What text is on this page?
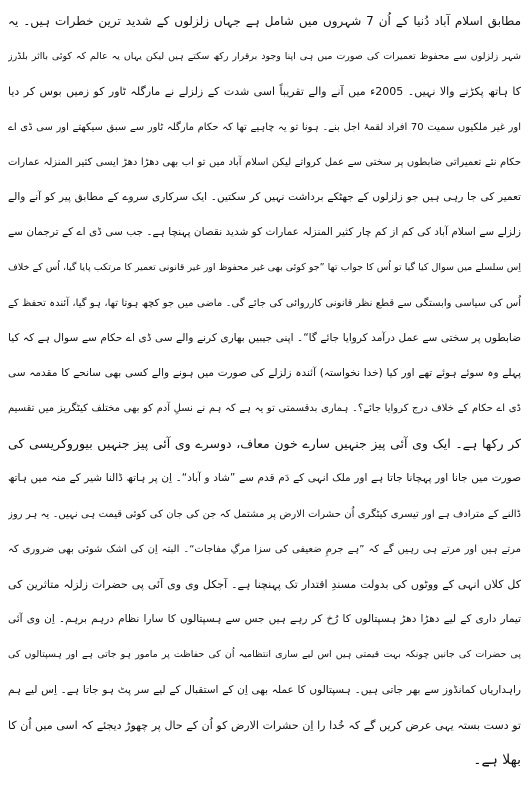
مطابق اسلام آباد دُنیا کے اُن 7 شہروں میں شامل ہے جہاں زلزلوں کے شدید ترین خطرات ہیں۔ یہ
شہر زلزلوں سے محفوظ تعمیرات کی صورت میں ہی اپنا وجود برقرار رکھ سکتے ہیں لیکن یہاں یہ عالم کہ کوئی بااثر بلڈرز
کا ہاتھ پکڑنے والا نہیں۔ 2005ء میں آنے والے تقریباً اسی شدت کے زلزلے نے مارگلہ ٹاور کو زمیں بوس کر دیا
اور غیر ملکیوں سمیت 70 افراد لقمۂ اجل بنے۔ ہونا تو یہ چاہیے تھا کہ حکام مارگلہ ٹاور سے سبق سیکھتے اور سی ڈی اے
حکام نئے تعمیراتی ضابطوں پر سختی سے عمل کرواتے لیکن اسلام آباد میں تو اب بھی دھڑا دھڑ ایسی کثیر المنزلہ عمارات
تعمیر کی جا رہی ہیں جو زلزلوں کے جھٹکے برداشت نہیں کر سکتیں۔ ایک سرکاری سروے کے مطابق پیر کو آنے والے
زلزلے سے اسلام آباد کی کم از کم چار کثیر المنزلہ عمارات کو شدید نقصان پہنچا ہے۔ جب سی ڈی اے کے ترجمان سے
اِس سلسلے میں سوال کیا گیا تو اُس کا جواب تھا ”جو کوئی بھی غیر محفوظ اور غیر قانونی تعمیر کا مرتکب پایا گیا، اُس کے خلاف
اُس کی سیاسی وابستگی سے قطع نظر قانونی کارروائی کی جائے گی۔ ماضی میں جو کچھ ہوتا تھا، ہو گیا، آئندہ تحفظ کے
ضابطوں پر سختی سے عمل درآمد کروایا جائے گا“۔ اپنی جیبیں بھاری کرنے والے سی ڈی اے حکام سے سوال ہے کہ کیا
پہلے وہ سوئے ہوئے تھے اور کیا (خدا نخواستہ) آئندہ زلزلے کی صورت میں ہونے والے کسی بھی سانحے کا مقدمہ سی
ڈی اے حکام کے خلاف درج کروایا جائے؟۔ ہماری بدقسمتی تو یہ ہے کہ ہم نے نسلِ آدم کو بھی مختلف کیٹگریز میں تقسیم
کر رکھا ہے۔ ایک وی آئی پیز جنہیں سارے خون معاف، دوسرے وی آئی پیز جنہیں بیوروکریسی کی
صورت میں جانا اور پہچانا جاتا ہے اور ملک انہی کے دَم قدم سے ”شاد و آباد“۔ اِن پر ہاتھ ڈالنا شیر کے منہ میں ہاتھ
ڈالنے کے مترادف ہے اور تیسری کیٹگری اُن حشرات الارض پر مشتمل کہ جن کی جان کی کوئی قیمت ہی نہیں۔ یہ ہر روز
مرتے ہیں اور مرتے ہی رہیں گے کہ ”ہے جرمِ ضعیفی کی سزا مرگِ مفاجات“۔ البتہ اِن کی اشک شوئی بھی ضروری کہ
کل کلاں انہی کے ووٹوں کی بدولت مسندِ اقتدار تک پہنچنا ہے۔ آجکل وی وی آئی پی حضرات زلزلہ متاثرین کی
تیمار داری کے لیے دھڑا دھڑ ہسپتالوں کا رُخ کر رہے ہیں جس سے ہسپتالوں کا سارا نظام درہم برہم۔ اِن وی آئی
پی حضرات کی جانیں چونکہ بہت قیمتی ہیں اس لیے ساری انتظامیہ اُن کی حفاظت پر مامور ہو جاتی ہے اور ہسپتالوں کی
راہداریاں کمانڈوز سے بھر جاتی ہیں۔ ہسپتالوں کا عملہ بھی اِن کے استقبال کے لیے سر پٹ ہو جاتا ہے۔ اِس لیے ہم
تو دست بستہ یہی عرض کریں گے کہ خُدا را اِن حشرات الارض کو اُن کے حال پر چھوڑ دیجئے کہ اسی میں اُن کا
بھلا ہے۔
